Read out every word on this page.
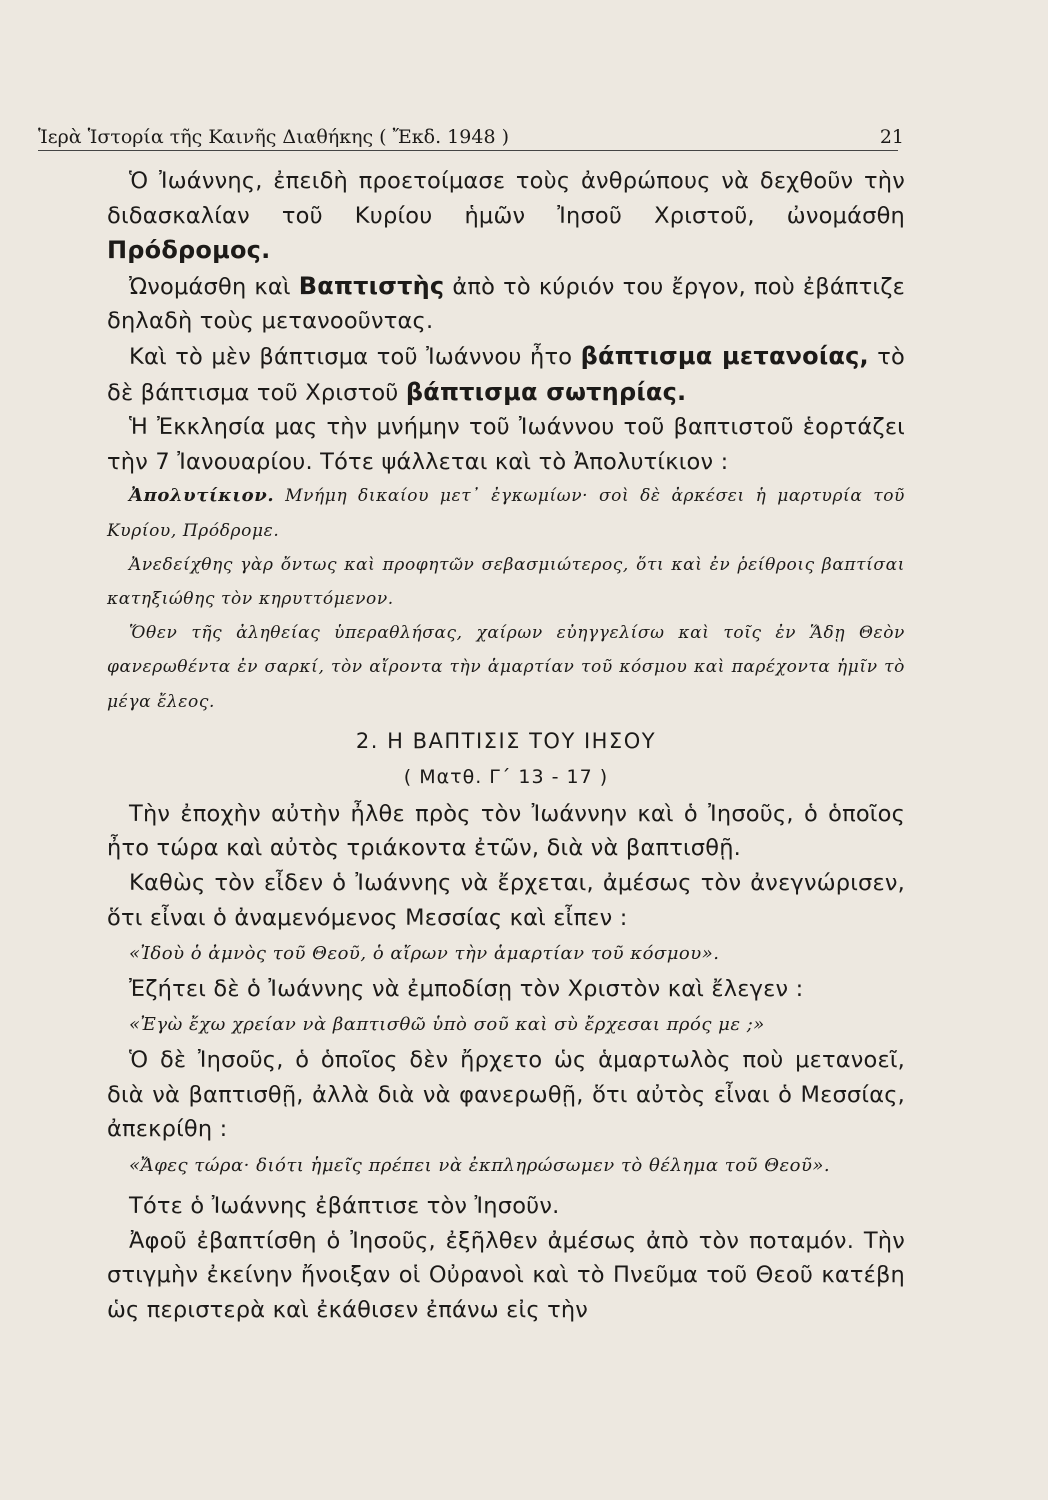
Ἱερὰ Ἱστορία τῆς Καινῆς Διαθήκης ( Ἔκδ. 1948 )	21

Ὁ Ἰωάννης, ἐπειδὴ προετοίμασε τοὺς ἀνθρώπους νὰ δεχθοῦν τὴν διδασκαλίαν τοῦ Κυρίου ἡμῶν Ἰησοῦ Χριστοῦ, ὠνομάσθη Πρόδρομος.

Ὠνομάσθη καὶ Βαπτιστὴς ἀπὸ τὸ κύριόν του ἔργον, ποὺ ἐβάπτιζε δηλαδὴ τοὺς μετανοοῦντας.

Καὶ τὸ μὲν βάπτισμα τοῦ Ἰωάννου ἦτο βάπτισμα μετανοίας, τὸ δὲ βάπτισμα τοῦ Χριστοῦ βάπτισμα σωτηρίας.

Ἡ Ἐκκλησία μας τὴν μνήμην τοῦ Ἰωάννου τοῦ βαπτιστοῦ ἑορτάζει τὴν 7 Ἰανουαρίου. Τότε ψάλλεται καὶ τὸ Ἀπολυτίκιον :

Ἀπολυτίκιον. Μνήμη δικαίου μετ᾽ ἐγκωμίων· σοὶ δὲ ἀρκέσει ἡ μαρτυρία τοῦ Κυρίου, Πρόδρομε.

Ἀνεδείχθης γὰρ ὄντως καὶ προφητῶν σεβασμιώτερος, ὅτι καὶ ἐν ῥείθροις βαπτίσαι κατηξιώθης τὸν κηρυττόμενον.

Ὅθεν τῆς ἀληθείας ὑπεραθλήσας, χαίρων εὐηγγελίσω καὶ τοῖς ἐν Ἅδῃ Θεὸν φανερωθέντα ἐν σαρκί, τὸν αἴροντα τὴν ἁμαρτίαν τοῦ κόσμου καὶ παρέχοντα ἡμῖν τὸ μέγα ἔλεος.

2. Η ΒΑΠΤΙΣΙΣ ΤΟΥ ΙΗΣΟΥ
( Ματθ. Γ΄ 13 - 17 )

Τὴν ἐποχὴν αὐτὴν ἦλθε πρὸς τὸν Ἰωάννην καὶ ὁ Ἰησοῦς, ὁ ὁποῖος ἦτο τώρα καὶ αὐτὸς τριάκοντα ἐτῶν, διὰ νὰ βαπτισθῇ.

Καθὼς τὸν εἶδεν ὁ Ἰωάννης νὰ ἔρχεται, ἀμέσως τὸν ἀνεγνώρισεν, ὅτι εἶναι ὁ ἀναμενόμενος Μεσσίας καὶ εἶπεν :

«Ἰδοὺ ὁ ἀμνὸς τοῦ Θεοῦ, ὁ αἴρων τὴν ἁμαρτίαν τοῦ κόσμου».

Ἐζήτει δὲ ὁ Ἰωάννης νὰ ἐμποδίσῃ τὸν Χριστὸν καὶ ἔλεγεν :

«Ἐγὼ ἔχω χρείαν νὰ βαπτισθῶ ὑπὸ σοῦ καὶ σὺ ἔρχεσαι πρός με ;»

Ὁ δὲ Ἰησοῦς, ὁ ὁποῖος δὲν ἤρχετο ὡς ἁμαρτωλὸς ποὺ μετανοεῖ, διὰ νὰ βαπτισθῇ, ἀλλὰ διὰ νὰ φανερωθῇ, ὅτι αὐτὸς εἶναι ὁ Μεσσίας, ἀπεκρίθη :

«Ἄφες τώρα· διότι ἡμεῖς πρέπει νὰ ἐκπληρώσωμεν τὸ θέλημα τοῦ Θεοῦ».

Τότε ὁ Ἰωάννης ἐβάπτισε τὸν Ἰησοῦν.

Ἀφοῦ ἐβαπτίσθη ὁ Ἰησοῦς, ἐξῆλθεν ἀμέσως ἀπὸ τὸν ποταμόν. Τὴν στιγμὴν ἐκείνην ἤνοιξαν οἱ Οὐρανοὶ καὶ τὸ Πνεῦμα τοῦ Θεοῦ κατέβη ὡς περιστερὰ καὶ ἐκάθισεν ἐπάνω εἰς τὴν
